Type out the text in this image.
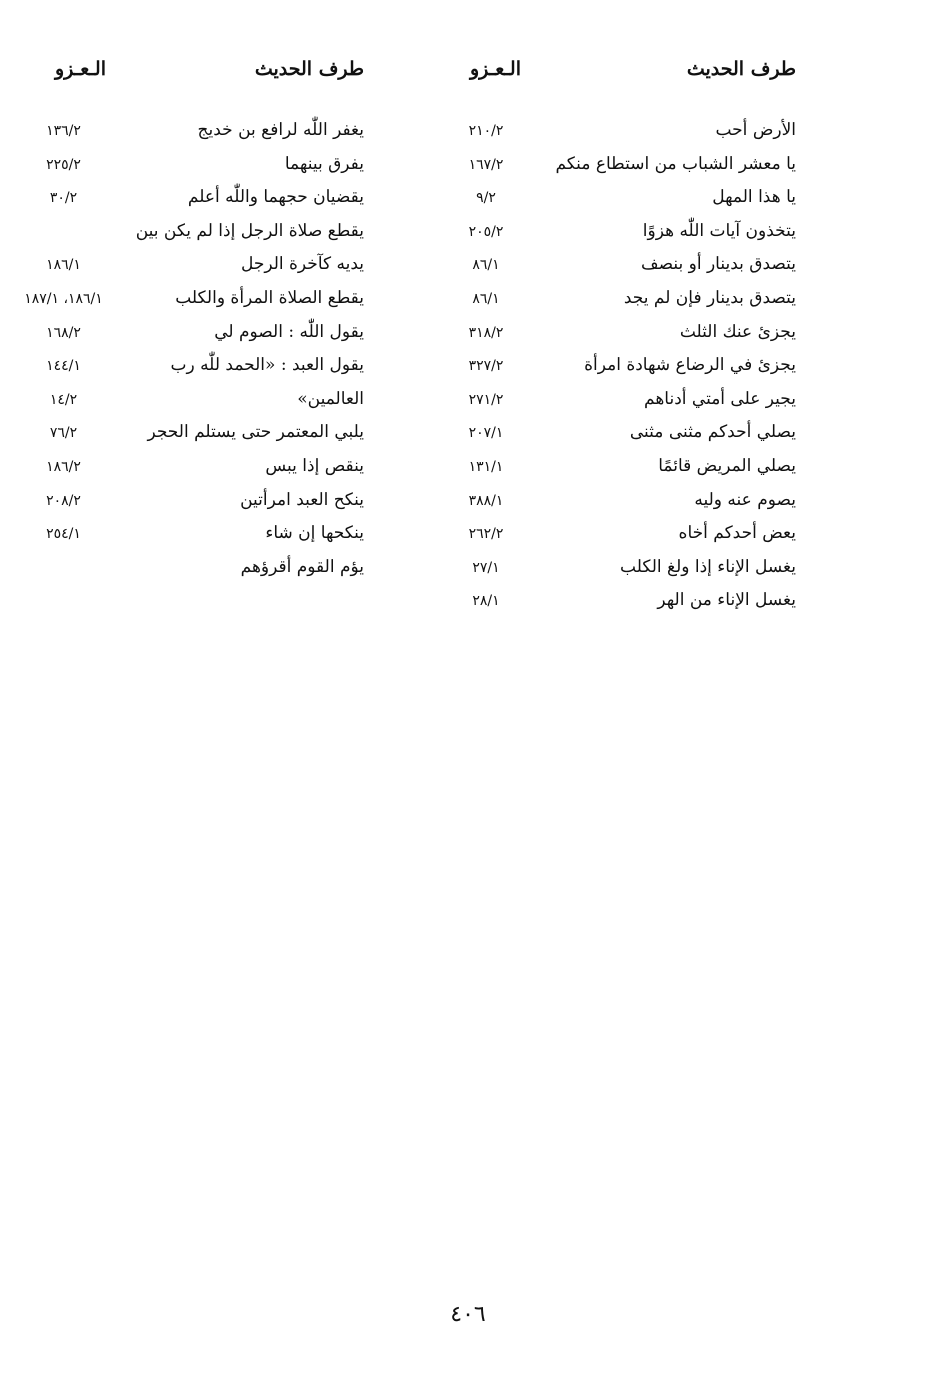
طرف الحديث
الـعـزو
الأرض أحب
٢١٠/٢
يا معشر الشباب من استطاع منكم
١٦٧/٢
يا هذا المهل
٩/٢
يتخذون آيات اللّٰه هزوًا
٢٠٥/٢
يتصدق بدينار أو بنصف
٨٦/١
يتصدق بدينار فإن لم يجد
٨٦/١
يجزئ عنك الثلث
٣١٨/٢
يجزئ في الرضاع شهادة امرأة
٣٢٧/٢
يجير على أمتي أدناهم
٢٧١/٢
يصلي أحدكم مثنى مثنى
٢٠٧/١
يصلي المريض قائمًا
١٣١/١
يصوم عنه وليه
٣٨٨/١
يعض أحدكم أخاه
٢٦٢/٢
يغسل الإناء إذا ولغ الكلب
٢٧/١
يغسل الإناء من الهر
٢٨/١
طرف الحديث
الـعـزو
يغفر اللّٰه لرافع بن خديج
١٣٦/٢
يفرق بينهما
٢٢٥/٢
يقضيان حجهما واللّٰه أعلم
٣٠/٢
يقطع صلاة الرجل إذا لم يكن بين
يديه كآخرة الرجل
١٨٦/١
يقطع الصلاة المرأة والكلب
١٨٦/١، ١٨٧/١
يقول اللّٰه : الصوم لي
١٦٨/٢
يقول العبد : «الحمد للّٰه رب
١٤٤/١
العالمين»
١٤/٢
يلبي المعتمر حتى يستلم الحجر
٧٦/٢
ينقص إذا يبس
١٨٦/٢
ينكح العبد امرأتين
٢٠٨/٢
ينكحها إن شاء
٢٥٤/١
يؤم القوم أقرؤهم
٤٠٦
